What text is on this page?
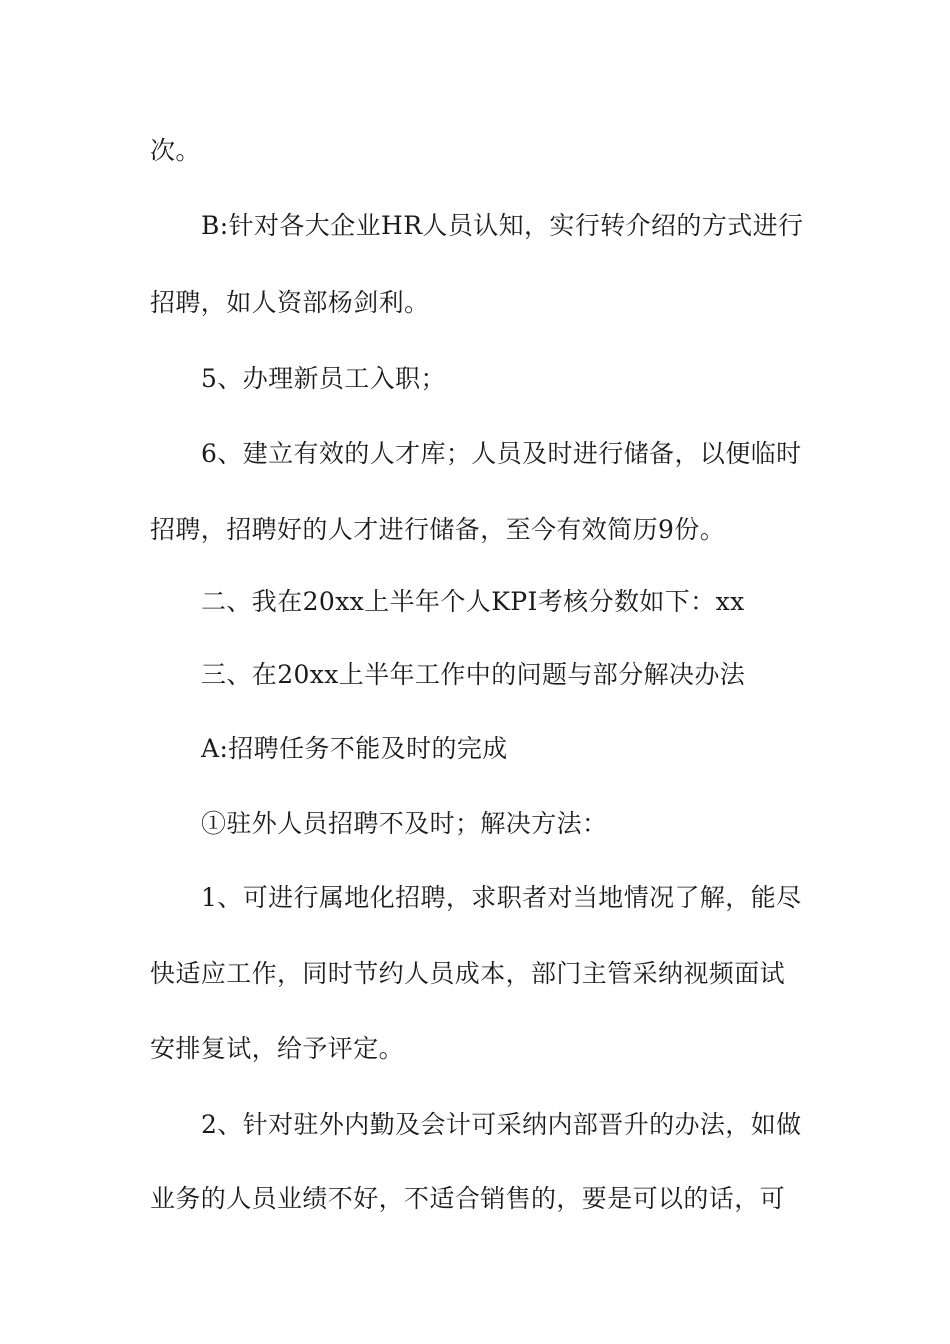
次。
B:针对各大企业HR人员认知，实行转介绍的方式进行
招聘，如人资部杨剑利。
5、办理新员工入职；
6、建立有效的人才库；人员及时进行储备，以便临时
招聘，招聘好的人才进行储备，至今有效简历9份。
二、我在20xx上半年个人KPI考核分数如下：xx
三、在20xx上半年工作中的问题与部分解决办法
A:招聘任务不能及时的完成
①驻外人员招聘不及时；解决方法：
1、可进行属地化招聘，求职者对当地情况了解，能尽
快适应工作，同时节约人员成本，部门主管采纳视频面试
安排复试，给予评定。
2、针对驻外内勤及会计可采纳内部晋升的办法，如做
业务的人员业绩不好，不适合销售的，要是可以的话，可
